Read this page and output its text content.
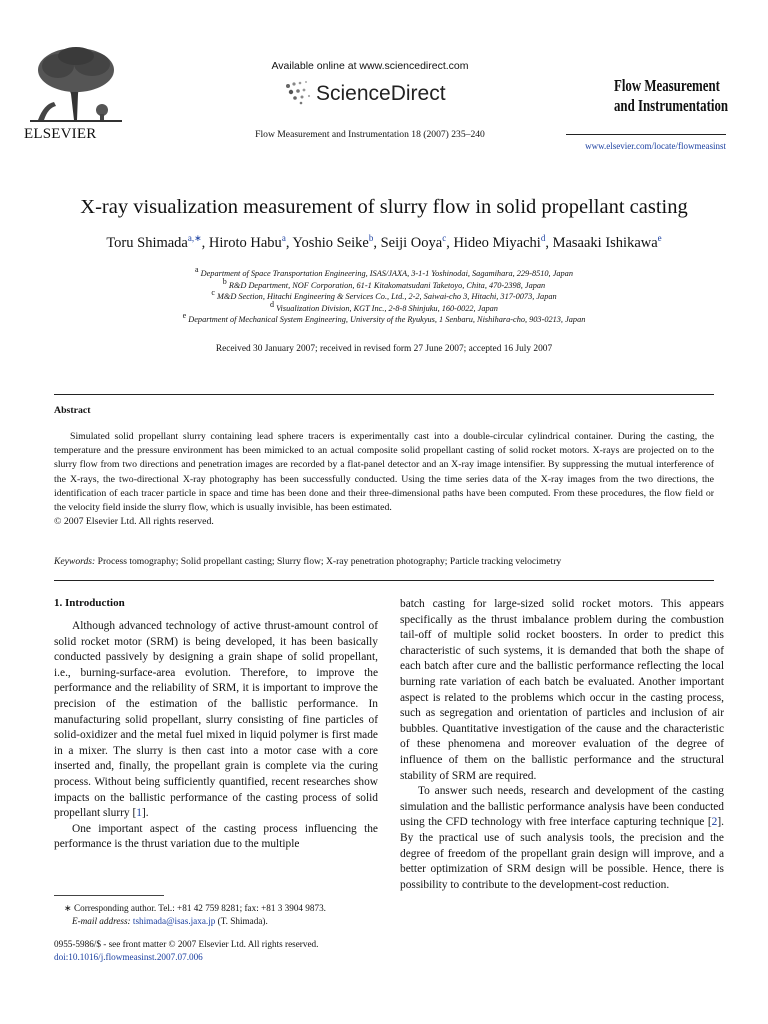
ELSEVIER
Available online at www.sciencedirect.com
ScienceDirect
Flow Measurement and Instrumentation 18 (2007) 235–240
Flow Measurement
and Instrumentation
www.elsevier.com/locate/flowmeasinst
X-ray visualization measurement of slurry flow in solid propellant casting
Toru Shimada$^{a,∗}$, Hiroto Habu$^a$, Yoshio Seike$^b$, Seiji Ooya$^c$, Hideo Miyachi$^d$, Masaaki Ishikawa$^e$
$^a$ Department of Space Transportation Engineering, ISAS/JAXA, 3-1-1 Yoshinodai, Sagamihara, 229-8510, Japan
$^b$ R&D Department, NOF Corporation, 61-1 Kitakomatsudani Taketoyo, Chita, 470-2398, Japan
$^c$ M&D Section, Hitachi Engineering & Services Co., Ltd., 2-2, Saiwai-cho 3, Hitachi, 317-0073, Japan
$^d$ Visualization Division, KGT Inc., 2-8-8 Shinjuku, 160-0022, Japan
$^e$ Department of Mechanical System Engineering, University of the Ryukyus, 1 Senbaru, Nishihara-cho, 903-0213, Japan
Received 30 January 2007; received in revised form 27 June 2007; accepted 16 July 2007
Abstract
Simulated solid propellant slurry containing lead sphere tracers is experimentally cast into a double-circular cylindrical container. During the casting, the temperature and the pressure environment has been mimicked to an actual composite solid propellant casting of solid rocket motors. X-rays are projected on to the slurry flow from two directions and penetration images are recorded by a flat-panel detector and an X-ray image intensifier. By suppressing the mutual interference of the X-rays, the two-directional X-ray photography has been successfully conducted. Using the time series data of the X-ray images from the two directions, the identification of each tracer particle in space and time has been done and their three-dimensional paths have been computed. From these procedures, the flow field or the velocity field inside the slurry flow, which is usually invisible, has been estimated.
© 2007 Elsevier Ltd. All rights reserved.
Keywords: Process tomography; Solid propellant casting; Slurry flow; X-ray penetration photography; Particle tracking velocimetry
1. Introduction

Although advanced technology of active thrust-amount control of solid rocket motor (SRM) is being developed, it has been basically conducted passively by designing a grain shape of solid propellant, i.e., burning-surface-area evolution. Therefore, to improve the performance and the reliability of SRM, it is important to improve the precision of the estimation of the ballistic performance. In manufacturing solid propellant, slurry consisting of fine particles of solid-oxidizer and the metal fuel mixed in liquid polymer is first made in a mixer. The slurry is then cast into a motor case with a core inserted and, finally, the propellant grain is complete via the curing process. Without being sufficiently quantified, recent researches show impacts on the ballistic performance of the casting process of solid propellant slurry [1].

One important aspect of the casting process influencing the performance is the thrust variation due to the multiple

batch casting for large-sized solid rocket motors. This appears specifically as the thrust imbalance problem during the combustion tail-off of multiple solid rocket boosters. In order to predict this characteristic of such systems, it is demanded that both the shape of each batch after cure and the ballistic performance reflecting the local burning rate variation of each batch be evaluated. Another important aspect is related to the problems which occur in the casting process, such as segregation and orientation of particles and inclusion of air bubbles. Quantitative investigation of the cause and the characteristic of these phenomena and moreover evaluation of the degree of influence of them on the ballistic performance and the structural stability of SRM are required.

To answer such needs, research and development of the casting simulation and the ballistic performance analysis have been conducted using the CFD technology with free interface capturing technique [2]. By the practical use of such analysis tools, the precision and the degree of freedom of the propellant grain design will improve, and a better optimization of SRM design will be possible. Hence, there is possibility to contribute to the development-cost reduction.

∗ Corresponding author. Tel.: +81 42 759 8281; fax: +81 3 3904 9873.
E-mail address: tshimada@isas.jaxa.jp (T. Shimada).
0955-5986/$ - see front matter © 2007 Elsevier Ltd. All rights reserved.
doi:10.1016/j.flowmeasinst.2007.07.006
